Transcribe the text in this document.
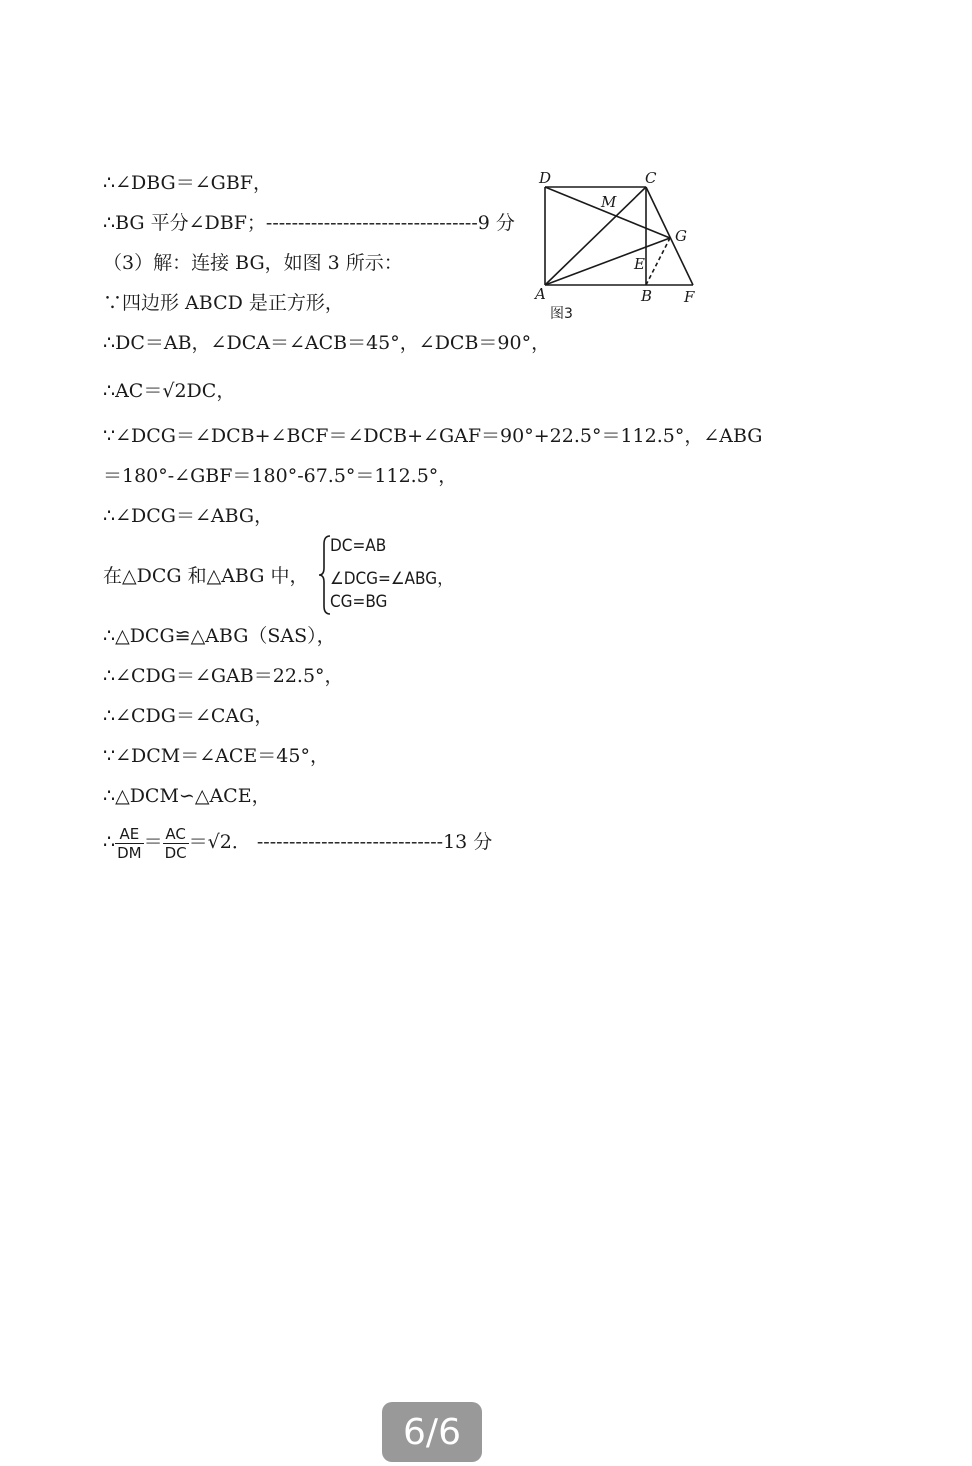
∴∠DBG＝∠GBF，
∴BG 平分∠DBF；---------------------------------9 分
（3）解：连接 BG，如图 3 所示：
∵四边形 ABCD 是正方形，
∴DC＝AB，∠DCA＝∠ACB＝45°，∠DCB＝90°，
∴AC＝√2DC，
∵∠DCG＝∠DCB+∠BCF＝∠DCB+∠GAF＝90°+22.5°＝112.5°，∠ABG
＝180°-∠GBF＝180°-67.5°＝112.5°，
∴∠DCG＝∠ABG，
在△DCG 和△ABG 中，
DC=AB
∠DCG=∠ABG，
CG=BG
∴△DCG≌△ABG（SAS），
∴∠CDG＝∠GAB＝22.5°，
∴∠CDG＝∠CAG，
∵∠DCM＝∠ACE＝45°，
∴△DCM∽△ACE，
∴ $\frac{AE}{DM} = \frac{AC}{DC} =√2$． -----------------------------13 分
D	C
M
G
E
A	B F
图3
6/6
